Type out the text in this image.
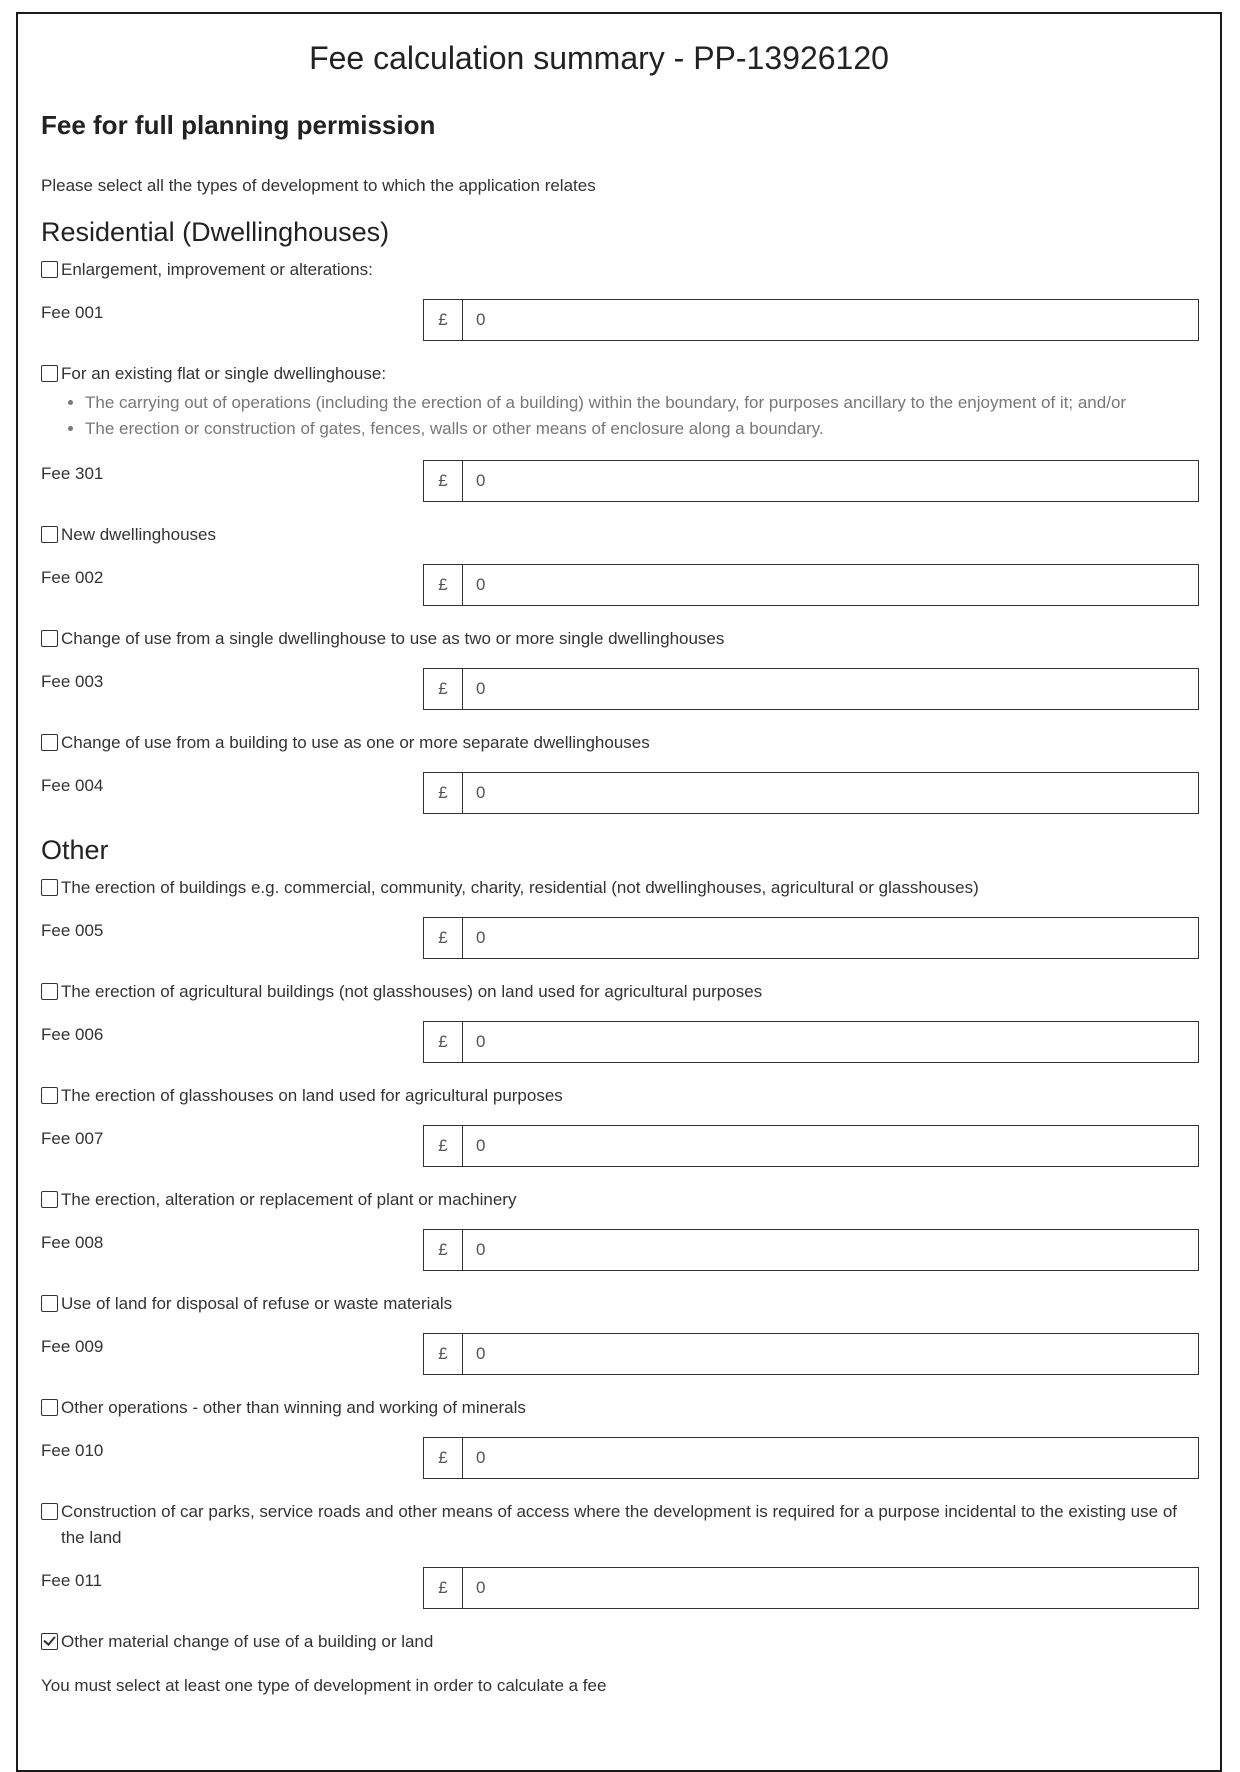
Fee calculation summary - PP-13926120
Fee for full planning permission
Please select all the types of development to which the application relates
Residential (Dwellinghouses)
Enlargement, improvement or alterations:
Fee 001	£	0
For an existing flat or single dwellinghouse:
• The carrying out of operations (including the erection of a building) within the boundary, for purposes ancillary to the enjoyment of it; and/or
• The erection or construction of gates, fences, walls or other means of enclosure along a boundary.
Fee 301	£	0
New dwellinghouses
Fee 002	£	0
Change of use from a single dwellinghouse to use as two or more single dwellinghouses
Fee 003	£	0
Change of use from a building to use as one or more separate dwellinghouses
Fee 004	£	0
Other
The erection of buildings e.g. commercial, community, charity, residential (not dwellinghouses, agricultural or glasshouses)
Fee 005	£	0
The erection of agricultural buildings (not glasshouses) on land used for agricultural purposes
Fee 006	£	0
The erection of glasshouses on land used for agricultural purposes
Fee 007	£	0
The erection, alteration or replacement of plant or machinery
Fee 008	£	0
Use of land for disposal of refuse or waste materials
Fee 009	£	0
Other operations - other than winning and working of minerals
Fee 010	£	0
Construction of car parks, service roads and other means of access where the development is required for a purpose incidental to the existing use of the land
Fee 011	£	0
Other material change of use of a building or land
You must select at least one type of development in order to calculate a fee
